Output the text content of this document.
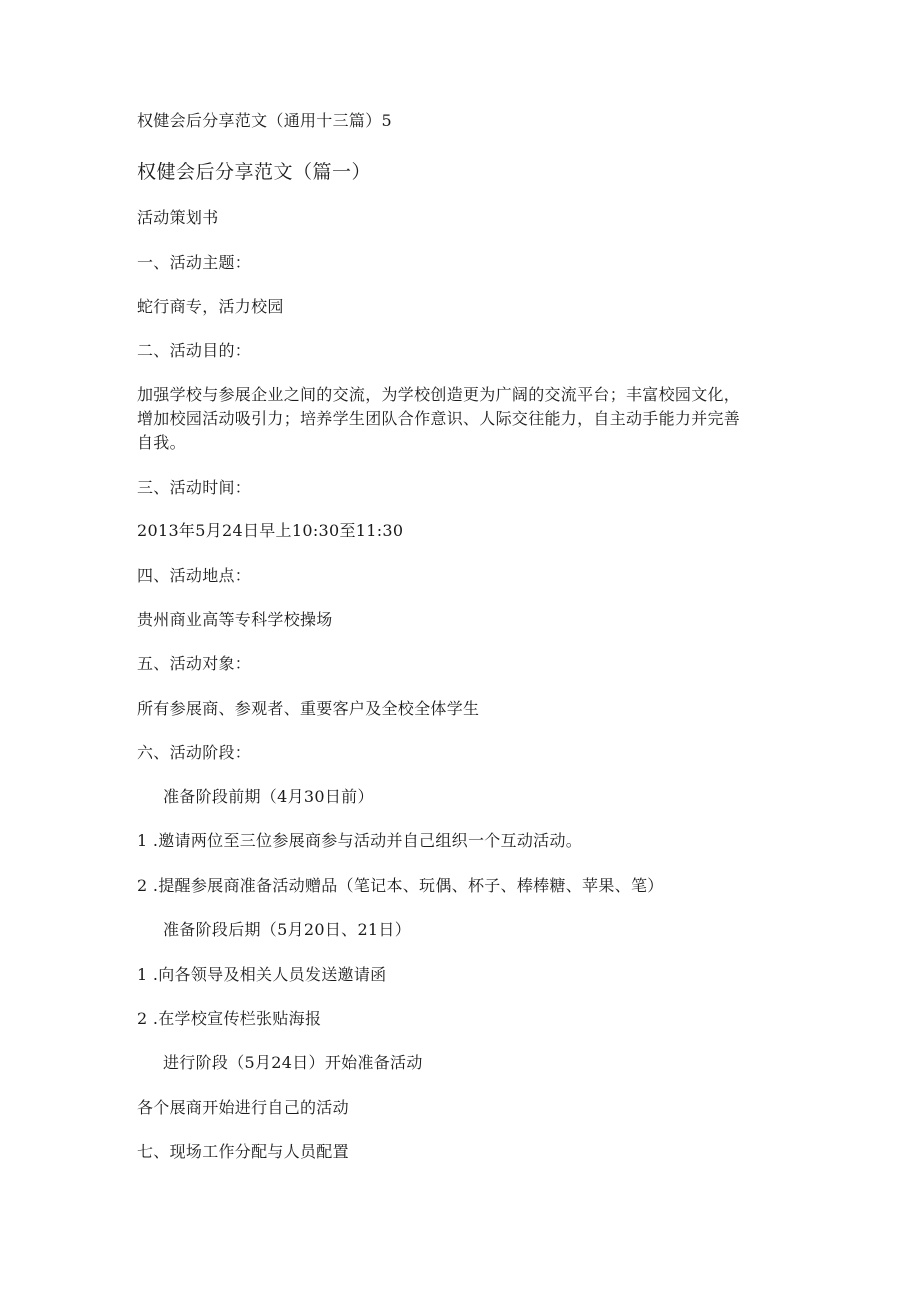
权健会后分享范文（通用十三篇）5
权健会后分享范文（篇一）
活动策划书
一、活动主题：
蛇行商专，活力校园
二、活动目的：
加强学校与参展企业之间的交流，为学校创造更为广阔的交流平台；丰富校园文化，
增加校园活动吸引力；培养学生团队合作意识、人际交往能力，自主动手能力并完善
自我。
三、活动时间：
2013年5月24日早上10:30至11:30
四、活动地点：
贵州商业高等专科学校操场
五、活动对象：
所有参展商、参观者、重要客户及全校全体学生
六、活动阶段：
准备阶段前期（4月30日前）
1 .邀请两位至三位参展商参与活动并自己组织一个互动活动。
2 .提醒参展商准备活动赠品（笔记本、玩偶、杯子、棒棒糖、苹果、笔）
准备阶段后期（5月20日、21日）
1 .向各领导及相关人员发送邀请函
2 .在学校宣传栏张贴海报
进行阶段（5月24日）开始准备活动
各个展商开始进行自己的活动
七、现场工作分配与人员配置
